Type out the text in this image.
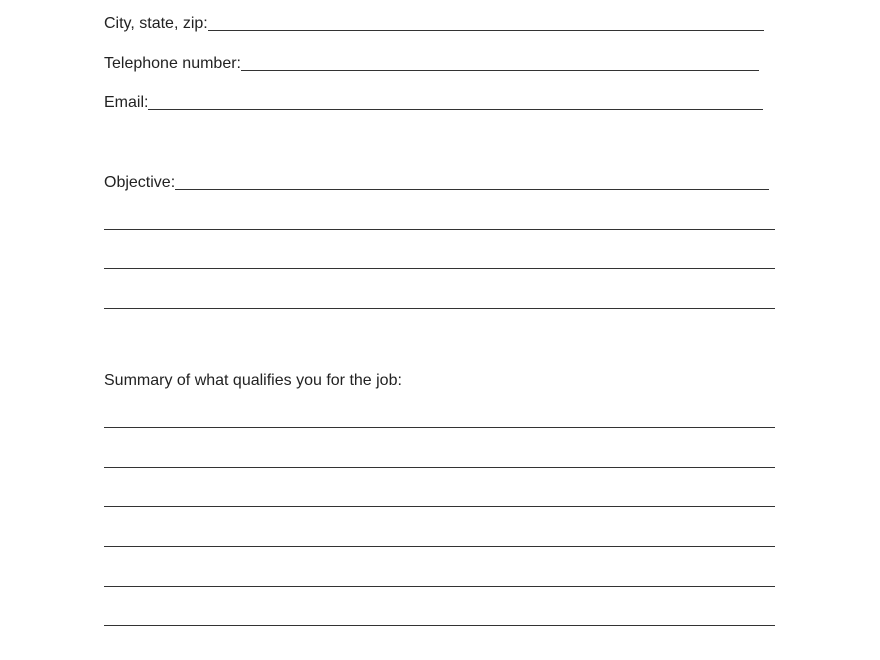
City, state, zip:
Telephone number:
Email:
Objective:
Summary of what qualifies you for the job:
